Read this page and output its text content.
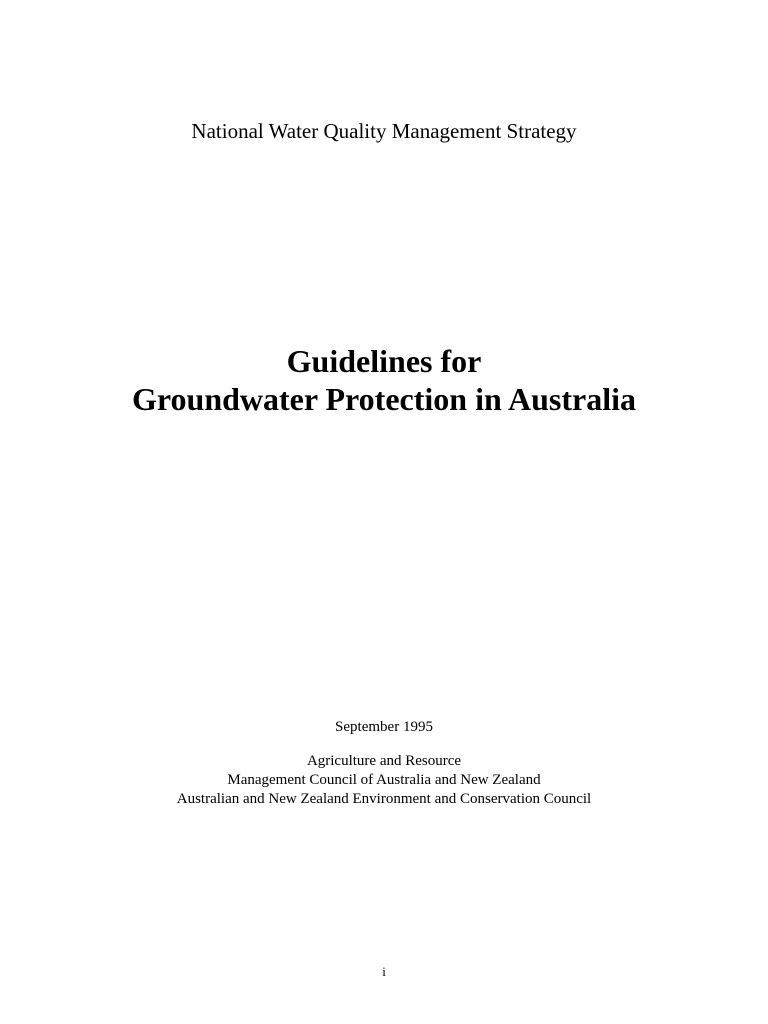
National Water Quality Management Strategy
Guidelines for
Groundwater Protection in Australia
September 1995
Agriculture and Resource
Management Council of Australia and New Zealand
Australian and New Zealand Environment and Conservation Council
i
